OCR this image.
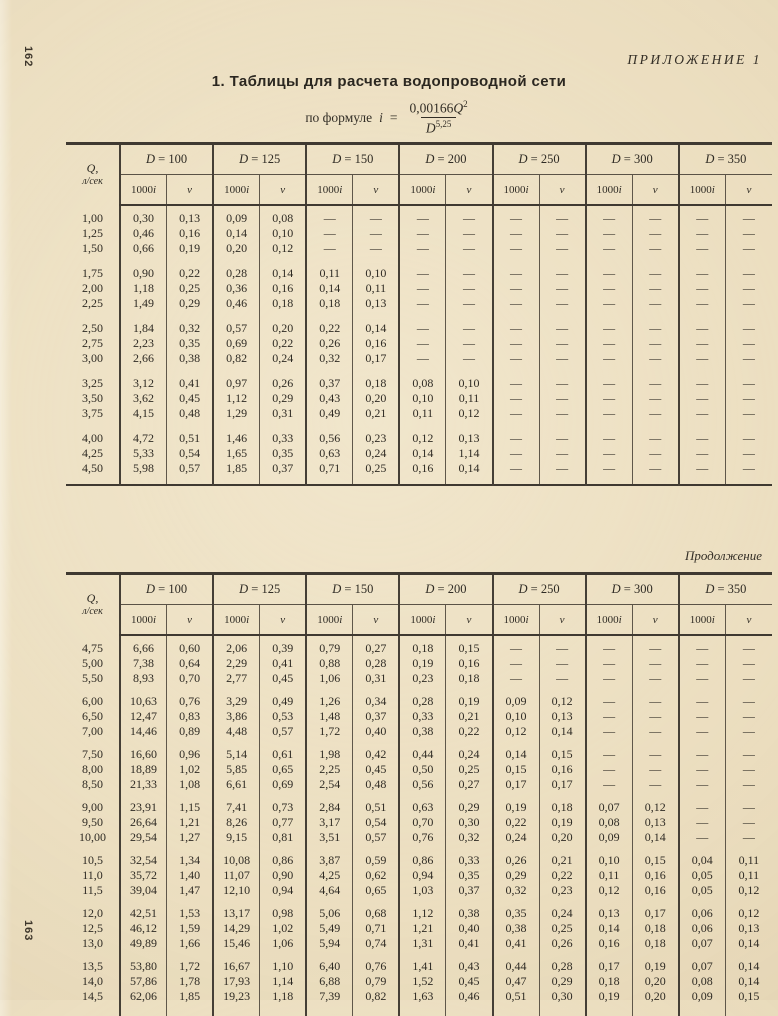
162
163
ПРИЛОЖЕНИЕ 1
1. Таблицы для расчета водопроводной сети
по формуле $i = \frac{0,00166Q^2}{D^{5,25}}$
Q,
л/сек	D = 100		D = 125		D = 150		D = 200		D = 250		D = 300		D = 350	
	1000i	v	1000i	v	1000i	v	1000i	v	1000i	v	1000i	v	1000i	v

1,00	0,30	0,13	0,09	0,08	—	—	—	—	—	—	—	—	—	—
1,25	0,46	0,16	0,14	0,10	—	—	—	—	—	—	—	—	—	—
1,50	0,66	0,19	0,20	0,12	—	—	—	—	—	—	—	—	—	—

1,75	0,90	0,22	0,28	0,14	0,11	0,10	—	—	—	—	—	—	—	—
2,00	1,18	0,25	0,36	0,16	0,14	0,11	—	—	—	—	—	—	—	—
2,25	1,49	0,29	0,46	0,18	0,18	0,13	—	—	—	—	—	—	—	—

2,50	1,84	0,32	0,57	0,20	0,22	0,14	—	—	—	—	—	—	—	—
2,75	2,23	0,35	0,69	0,22	0,26	0,16	—	—	—	—	—	—	—	—
3,00	2,66	0,38	0,82	0,24	0,32	0,17	—	—	—	—	—	—	—	—

3,25	3,12	0,41	0,97	0,26	0,37	0,18	0,08	0,10	—	—	—	—	—	—
3,50	3,62	0,45	1,12	0,29	0,43	0,20	0,10	0,11	—	—	—	—	—	—
3,75	4,15	0,48	1,29	0,31	0,49	0,21	0,11	0,12	—	—	—	—	—	—

4,00	4,72	0,51	1,46	0,33	0,56	0,23	0,12	0,13	—	—	—	—	—	—
4,25	5,33	0,54	1,65	0,35	0,63	0,24	0,14	1,14	—	—	—	—	—	—
4,50	5,98	0,57	1,85	0,37	0,71	0,25	0,16	0,14	—	—	—	—	—	—

Продолжение
Q,
л/сек	D = 100		D = 125		D = 150		D = 200		D = 250		D = 300		D = 350	
	1000i	v	1000i	v	1000i	v	1000i	v	1000i	v	1000i	v	1000i	v

4,75	6,66	0,60	2,06	0,39	0,79	0,27	0,18	0,15	—	—	—	—	—	—
5,00	7,38	0,64	2,29	0,41	0,88	0,28	0,19	0,16	—	—	—	—	—	—
5,50	8,93	0,70	2,77	0,45	1,06	0,31	0,23	0,18	—	—	—	—	—	—

6,00	10,63	0,76	3,29	0,49	1,26	0,34	0,28	0,19	0,09	0,12	—	—	—	—
6,50	12,47	0,83	3,86	0,53	1,48	0,37	0,33	0,21	0,10	0,13	—	—	—	—
7,00	14,46	0,89	4,48	0,57	1,72	0,40	0,38	0,22	0,12	0,14	—	—	—	—

7,50	16,60	0,96	5,14	0,61	1,98	0,42	0,44	0,24	0,14	0,15	—	—	—	—
8,00	18,89	1,02	5,85	0,65	2,25	0,45	0,50	0,25	0,15	0,16	—	—	—	—
8,50	21,33	1,08	6,61	0,69	2,54	0,48	0,56	0,27	0,17	0,17	—	—	—	—

9,00	23,91	1,15	7,41	0,73	2,84	0,51	0,63	0,29	0,19	0,18	0,07	0,12	—	—
9,50	26,64	1,21	8,26	0,77	3,17	0,54	0,70	0,30	0,22	0,19	0,08	0,13	—	—
10,00	29,54	1,27	9,15	0,81	3,51	0,57	0,76	0,32	0,24	0,20	0,09	0,14	—	—

10,5	32,54	1,34	10,08	0,86	3,87	0,59	0,86	0,33	0,26	0,21	0,10	0,15	0,04	0,11
11,0	35,72	1,40	11,07	0,90	4,25	0,62	0,94	0,35	0,29	0,22	0,11	0,16	0,05	0,11
11,5	39,04	1,47	12,10	0,94	4,64	0,65	1,03	0,37	0,32	0,23	0,12	0,16	0,05	0,12

12,0	42,51	1,53	13,17	0,98	5,06	0,68	1,12	0,38	0,35	0,24	0,13	0,17	0,06	0,12
12,5	46,12	1,59	14,29	1,02	5,49	0,71	1,21	0,40	0,38	0,25	0,14	0,18	0,06	0,13
13,0	49,89	1,66	15,46	1,06	5,94	0,74	1,31	0,41	0,41	0,26	0,16	0,18	0,07	0,14

13,5	53,80	1,72	16,67	1,10	6,40	0,76	1,41	0,43	0,44	0,28	0,17	0,19	0,07	0,14
14,0	57,86	1,78	17,93	1,14	6,88	0,79	1,52	0,45	0,47	0,29	0,18	0,20	0,08	0,14
14,5	62,06	1,85	19,23	1,18	7,39	0,82	1,63	0,46	0,51	0,30	0,19	0,20	0,09	0,15
